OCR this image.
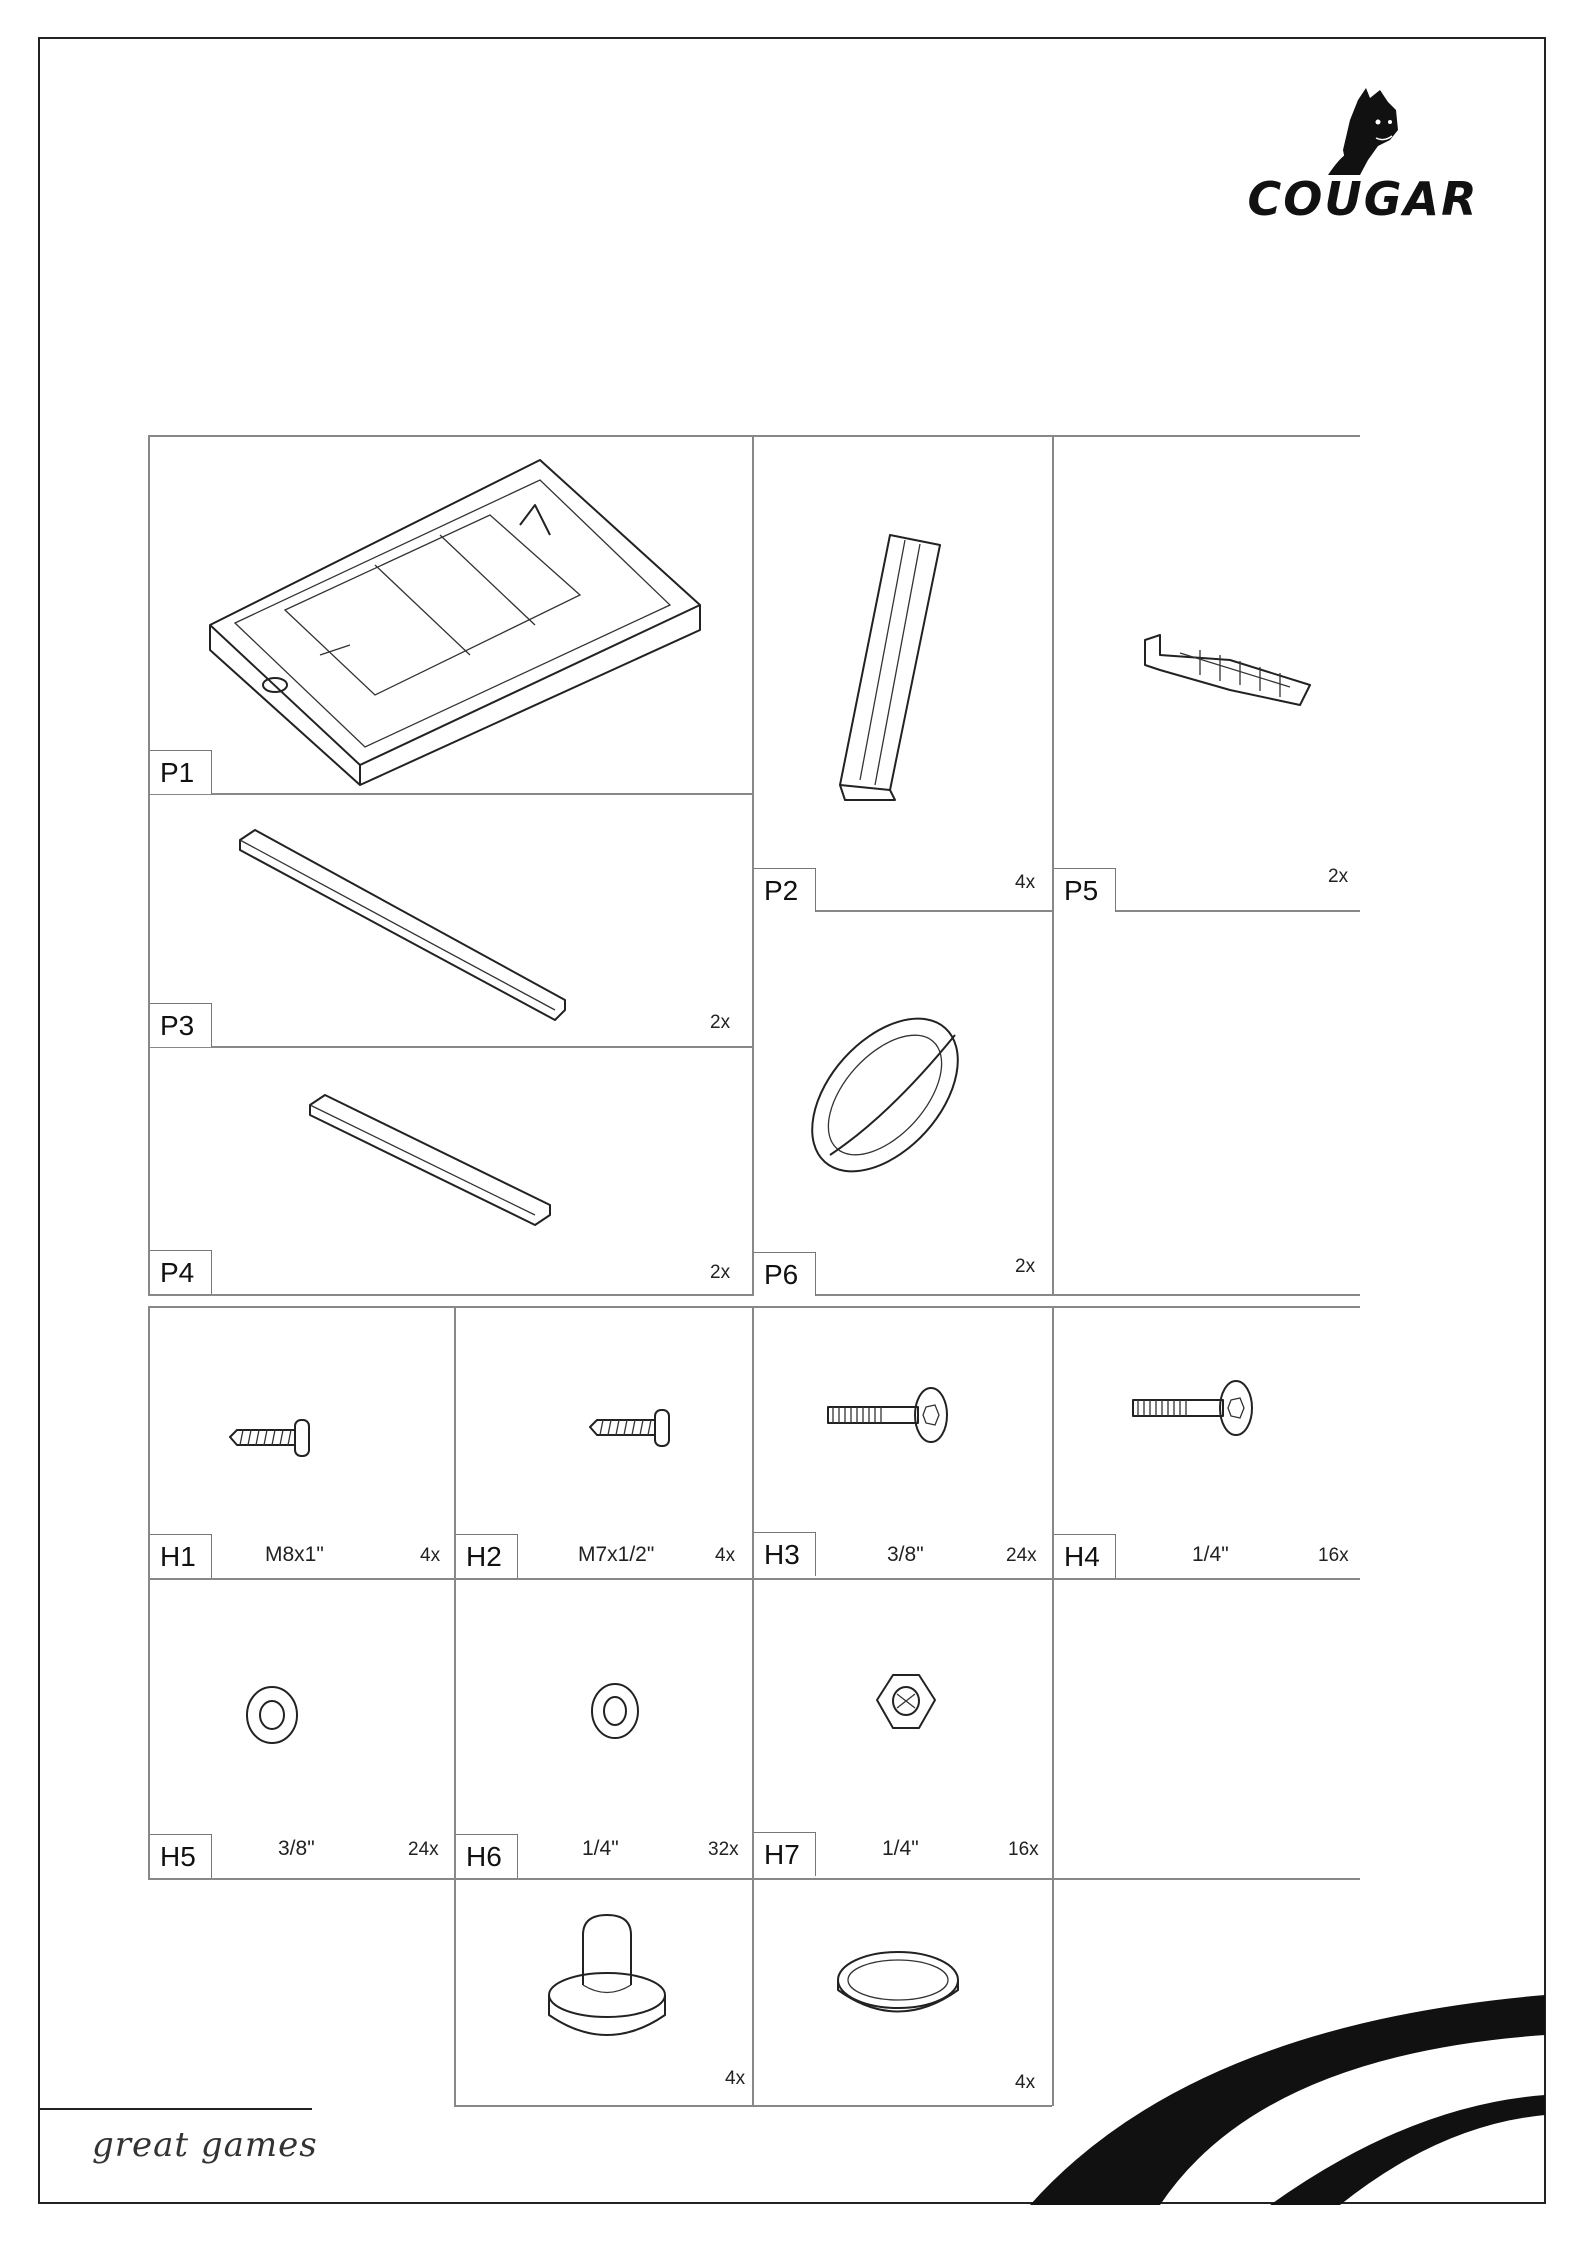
COUGAR
P1
P2	4x	P5	2x
P3	2x
P4	2x	P6	2x
H1	M8x1"	4x H2	M7x1/2"	4x	H3	3/8"	24x H4	1/4"	16x
H5	3/8"	24x H6	1/4"	32x H7	1/4"	16x
4x	4x
great games
